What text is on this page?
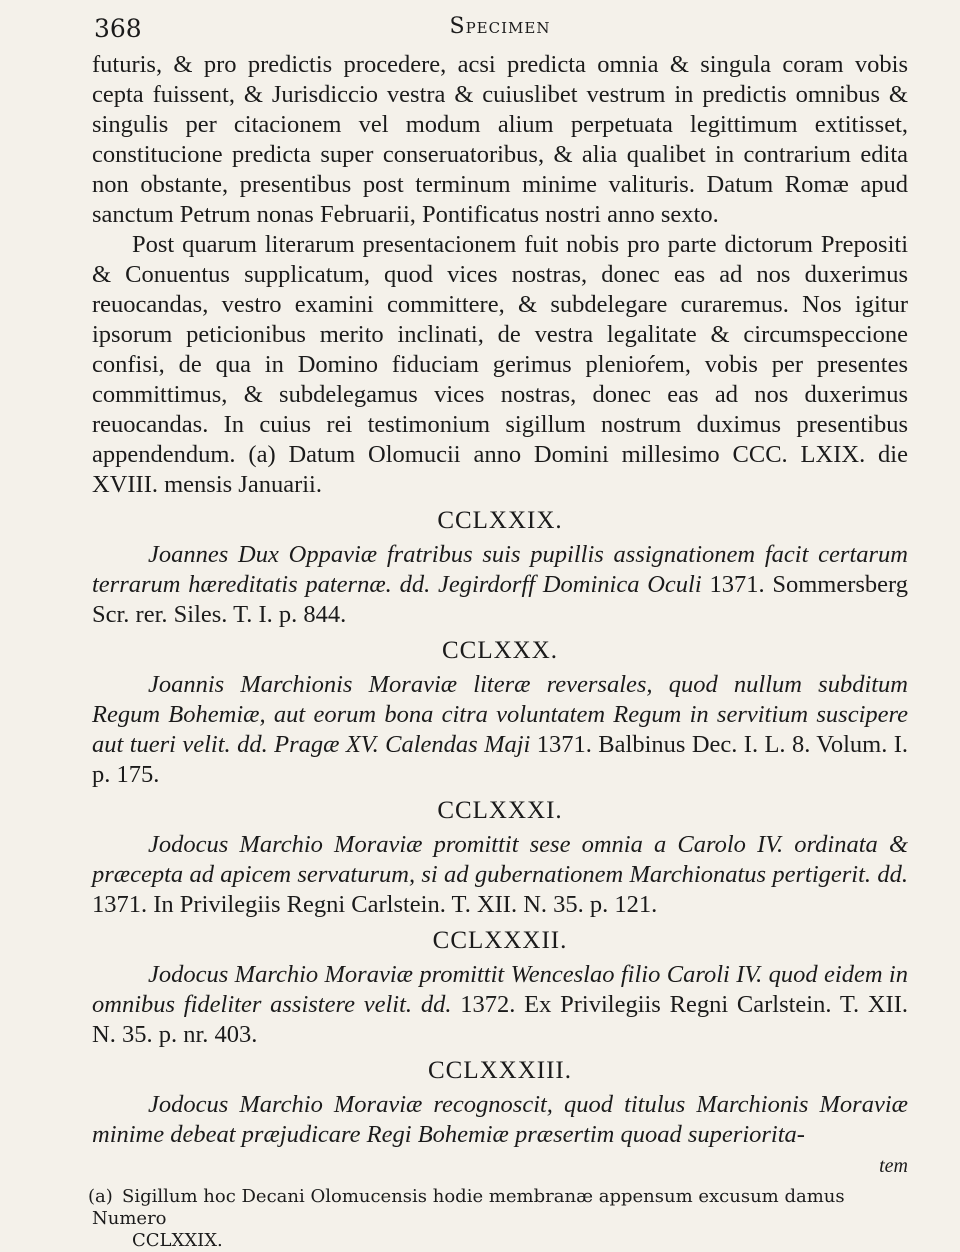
368	Specimen

futuris, & pro predictis procedere, acsi predicta omnia & singula coram vobis cepta fuissent, & Jurisdiccio vestra & cuiuslibet vestrum in predictis omnibus & singulis per citacionem vel modum alium perpetuata legittimum extitisset, constitucione predicta super conseruatoribus, & alia qualibet in contrarium edita non obstante, presentibus post terminum minime valituris. Datum Romæ apud sanctum Petrum nonas Februarii, Pontificatus nostri anno sexto.

Post quarum literarum presentacionem fuit nobis pro parte dictorum Prepositi & Conuentus supplicatum, quod vices nostras, donec eas ad nos duxerimus reuocandas, vestro examini committere, & subdelegare curaremus. Nos igitur ipsorum peticionibus merito inclinati, de vestra legalitate & circumspeccione confisi, de qua in Domino fiduciam gerimus plenioŕem, vobis per presentes committimus, & subdelegamus vices nostras, donec eas ad nos duxerimus reuocandas. In cuius rei testimonium sigillum nostrum duximus presentibus appendendum. (a) Datum Olomucii anno Domini millesimo CCC. LXIX. die XVIII. mensis Januarii.

CCLXXIX.

Joannes Dux Oppaviæ fratribus suis pupillis assignationem facit certarum terrarum hæreditatis paternæ. dd. Jegirdorff Dominica Oculi 1371. Sommersberg Scr. rer. Siles. T. I. p. 844.

CCLXXX.

Joannis Marchionis Moraviæ literæ reversales, quod nullum subditum Regum Bohemiæ, aut eorum bona citra voluntatem Regum in servitium suscipere aut tueri velit. dd. Pragæ XV. Calendas Maji 1371. Balbinus Dec. I. L. 8. Volum. I. p. 175.

CCLXXXI.

Jodocus Marchio Moraviæ promittit sese omnia a Carolo IV. ordinata & præcepta ad apicem servaturum, si ad gubernationem Marchionatus pertigerit. dd. 1371. In Privilegiis Regni Carlstein. T. XII. N. 35. p. 121.

CCLXXXII.

Jodocus Marchio Moraviæ promittit Wenceslao filio Caroli IV. quod eidem in omnibus fideliter assistere velit. dd. 1372. Ex Privilegiis Regni Carlstein. T. XII. N. 35. p. nr. 403.

CCLXXXIII.

Jodocus Marchio Moraviæ recognoscit, quod titulus Marchionis Moraviæ minime debeat præjudicare Regi Bohemiæ præsertim quoad superiorita-

tem
(a) Sigillum hoc Decani Olomucensis hodie membranæ appensum excusum damus Numero
CCLXXIX.
